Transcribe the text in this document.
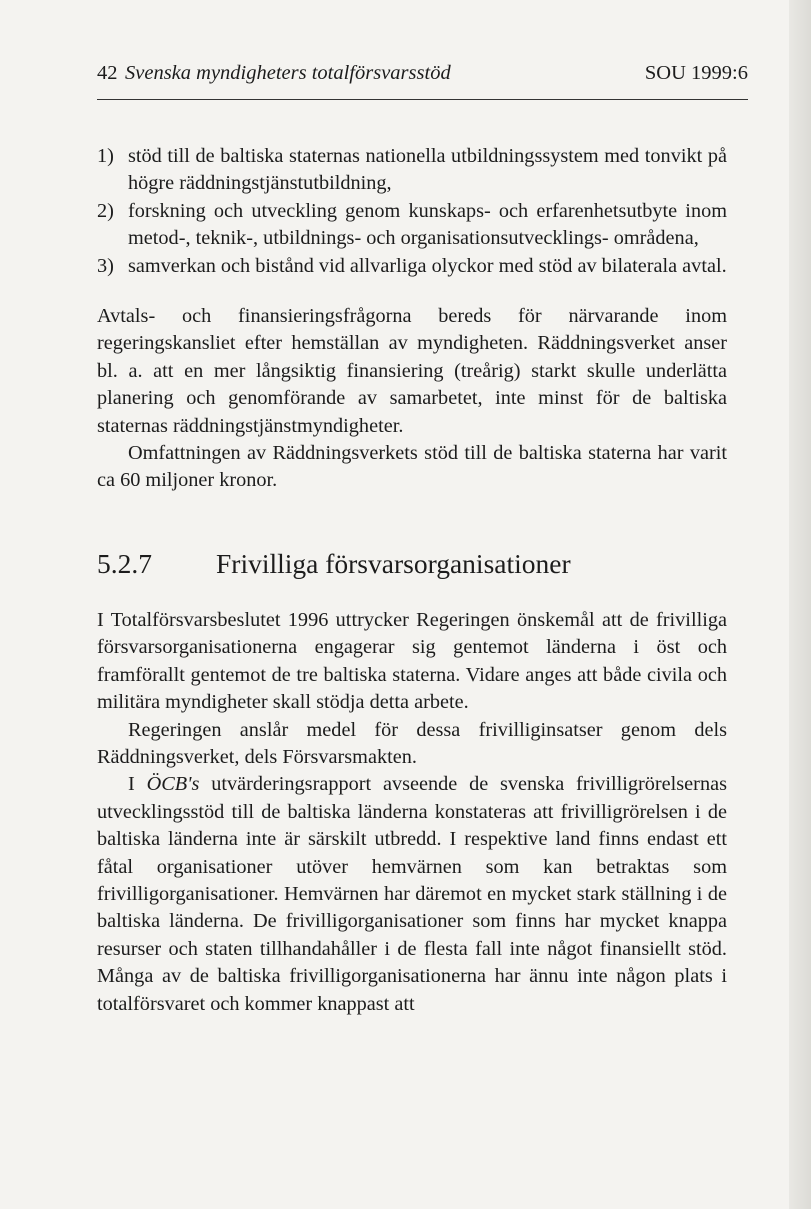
42 Svenska myndigheters totalförsvarsstöd	SOU 1999:6
1) stöd till de baltiska staternas nationella utbildningssystem med tonvikt på högre räddningstjänstutbildning,
2) forskning och utveckling genom kunskaps- och erfarenhetsutbyte inom metod-, teknik-, utbildnings- och organisationsutvecklings- områdena,
3) samverkan och bistånd vid allvarliga olyckor med stöd av bilaterala avtal.

Avtals- och finansieringsfrågorna bereds för närvarande inom regeringskansliet efter hemställan av myndigheten. Räddningsverket anser bl. a. att en mer långsiktig finansiering (treårig) starkt skulle underlätta planering och genomförande av samarbetet, inte minst för de baltiska staternas räddningstjänstmyndigheter.

Omfattningen av Räddningsverkets stöd till de baltiska staterna har varit ca 60 miljoner kronor.

5.2.7 Frivilliga försvarsorganisationer

I Totalförsvarsbeslutet 1996 uttrycker Regeringen önskemål att de frivilliga försvarsorganisationerna engagerar sig gentemot länderna i öst och framförallt gentemot de tre baltiska staterna. Vidare anges att både civila och militära myndigheter skall stödja detta arbete.

Regeringen anslår medel för dessa frivilliginsatser genom dels Räddningsverket, dels Försvarsmakten.

I ÖCB's utvärderingsrapport avseende de svenska frivilligrörelsernas utvecklingsstöd till de baltiska länderna konstateras att frivilligrörelsen i de baltiska länderna inte är särskilt utbredd. I respektive land finns endast ett fåtal organisationer utöver hemvärnen som kan betraktas som frivilligorganisationer. Hemvärnen har däremot en mycket stark ställning i de baltiska länderna. De frivilligorganisationer som finns har mycket knappa resurser och staten tillhandahåller i de flesta fall inte något finansiellt stöd. Många av de baltiska frivilligorganisationerna har ännu inte någon plats i totalförsvaret och kommer knappast att
